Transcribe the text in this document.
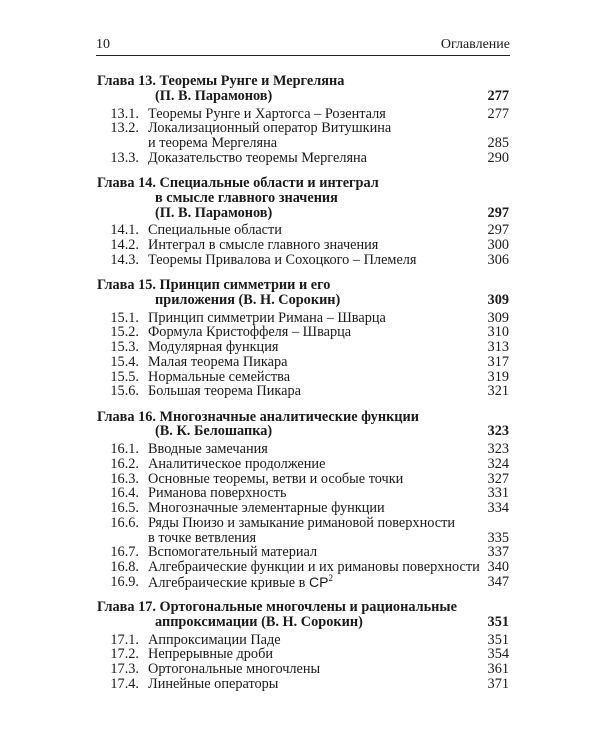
10	Оглавление
Глава 13. Теоремы Рунге и Мергеляна
(П. В. Парамонов)	277
13.1. Теоремы Рунге и Хартогса – Розенталя	277
13.2. Локализационный оператор Витушкина
и теорема Мергеляна	285
13.3. Доказательство теоремы Мергеляна	290
Глава 14. Специальные области и интеграл
в смысле главного значения
(П. В. Парамонов)	297
14.1. Специальные области	297
14.2. Интеграл в смысле главного значения	300
14.3. Теоремы Привалова и Сохоцкого – Племеля	306
Глава 15. Принцип симметрии и его
приложения (В. Н. Сорокин)	309
15.1. Принцип симметрии Римана – Шварца	309
15.2. Формула Кристоффеля – Шварца	310
15.3. Модулярная функция	313
15.4. Малая теорема Пикара	317
15.5. Нормальные семейства	319
15.6. Большая теорема Пикара	321
Глава 16. Многозначные аналитические функции
(В. К. Белошапка)	323
16.1. Вводные замечания	323
16.2. Аналитическое продолжение	324
16.3. Основные теоремы, ветви и особые точки	327
16.4. Риманова поверхность	331
16.5. Многозначные элементарные функции	334
16.6. Ряды Пюизо и замыкание римановой поверхности
в точке ветвления	335
16.7. Вспомогательный материал	337
16.8. Алгебраические функции и их римановы поверхности 340
16.9. Алгебраические кривые в $CP^2$	347
Глава 17. Ортогональные многочлены и рациональные
аппроксимации (В. Н. Сорокин)	351
17.1. Аппроксимации Паде	351
17.2. Непрерывные дроби	354
17.3. Ортогональные многочлены	361
17.4. Линейные операторы	371
